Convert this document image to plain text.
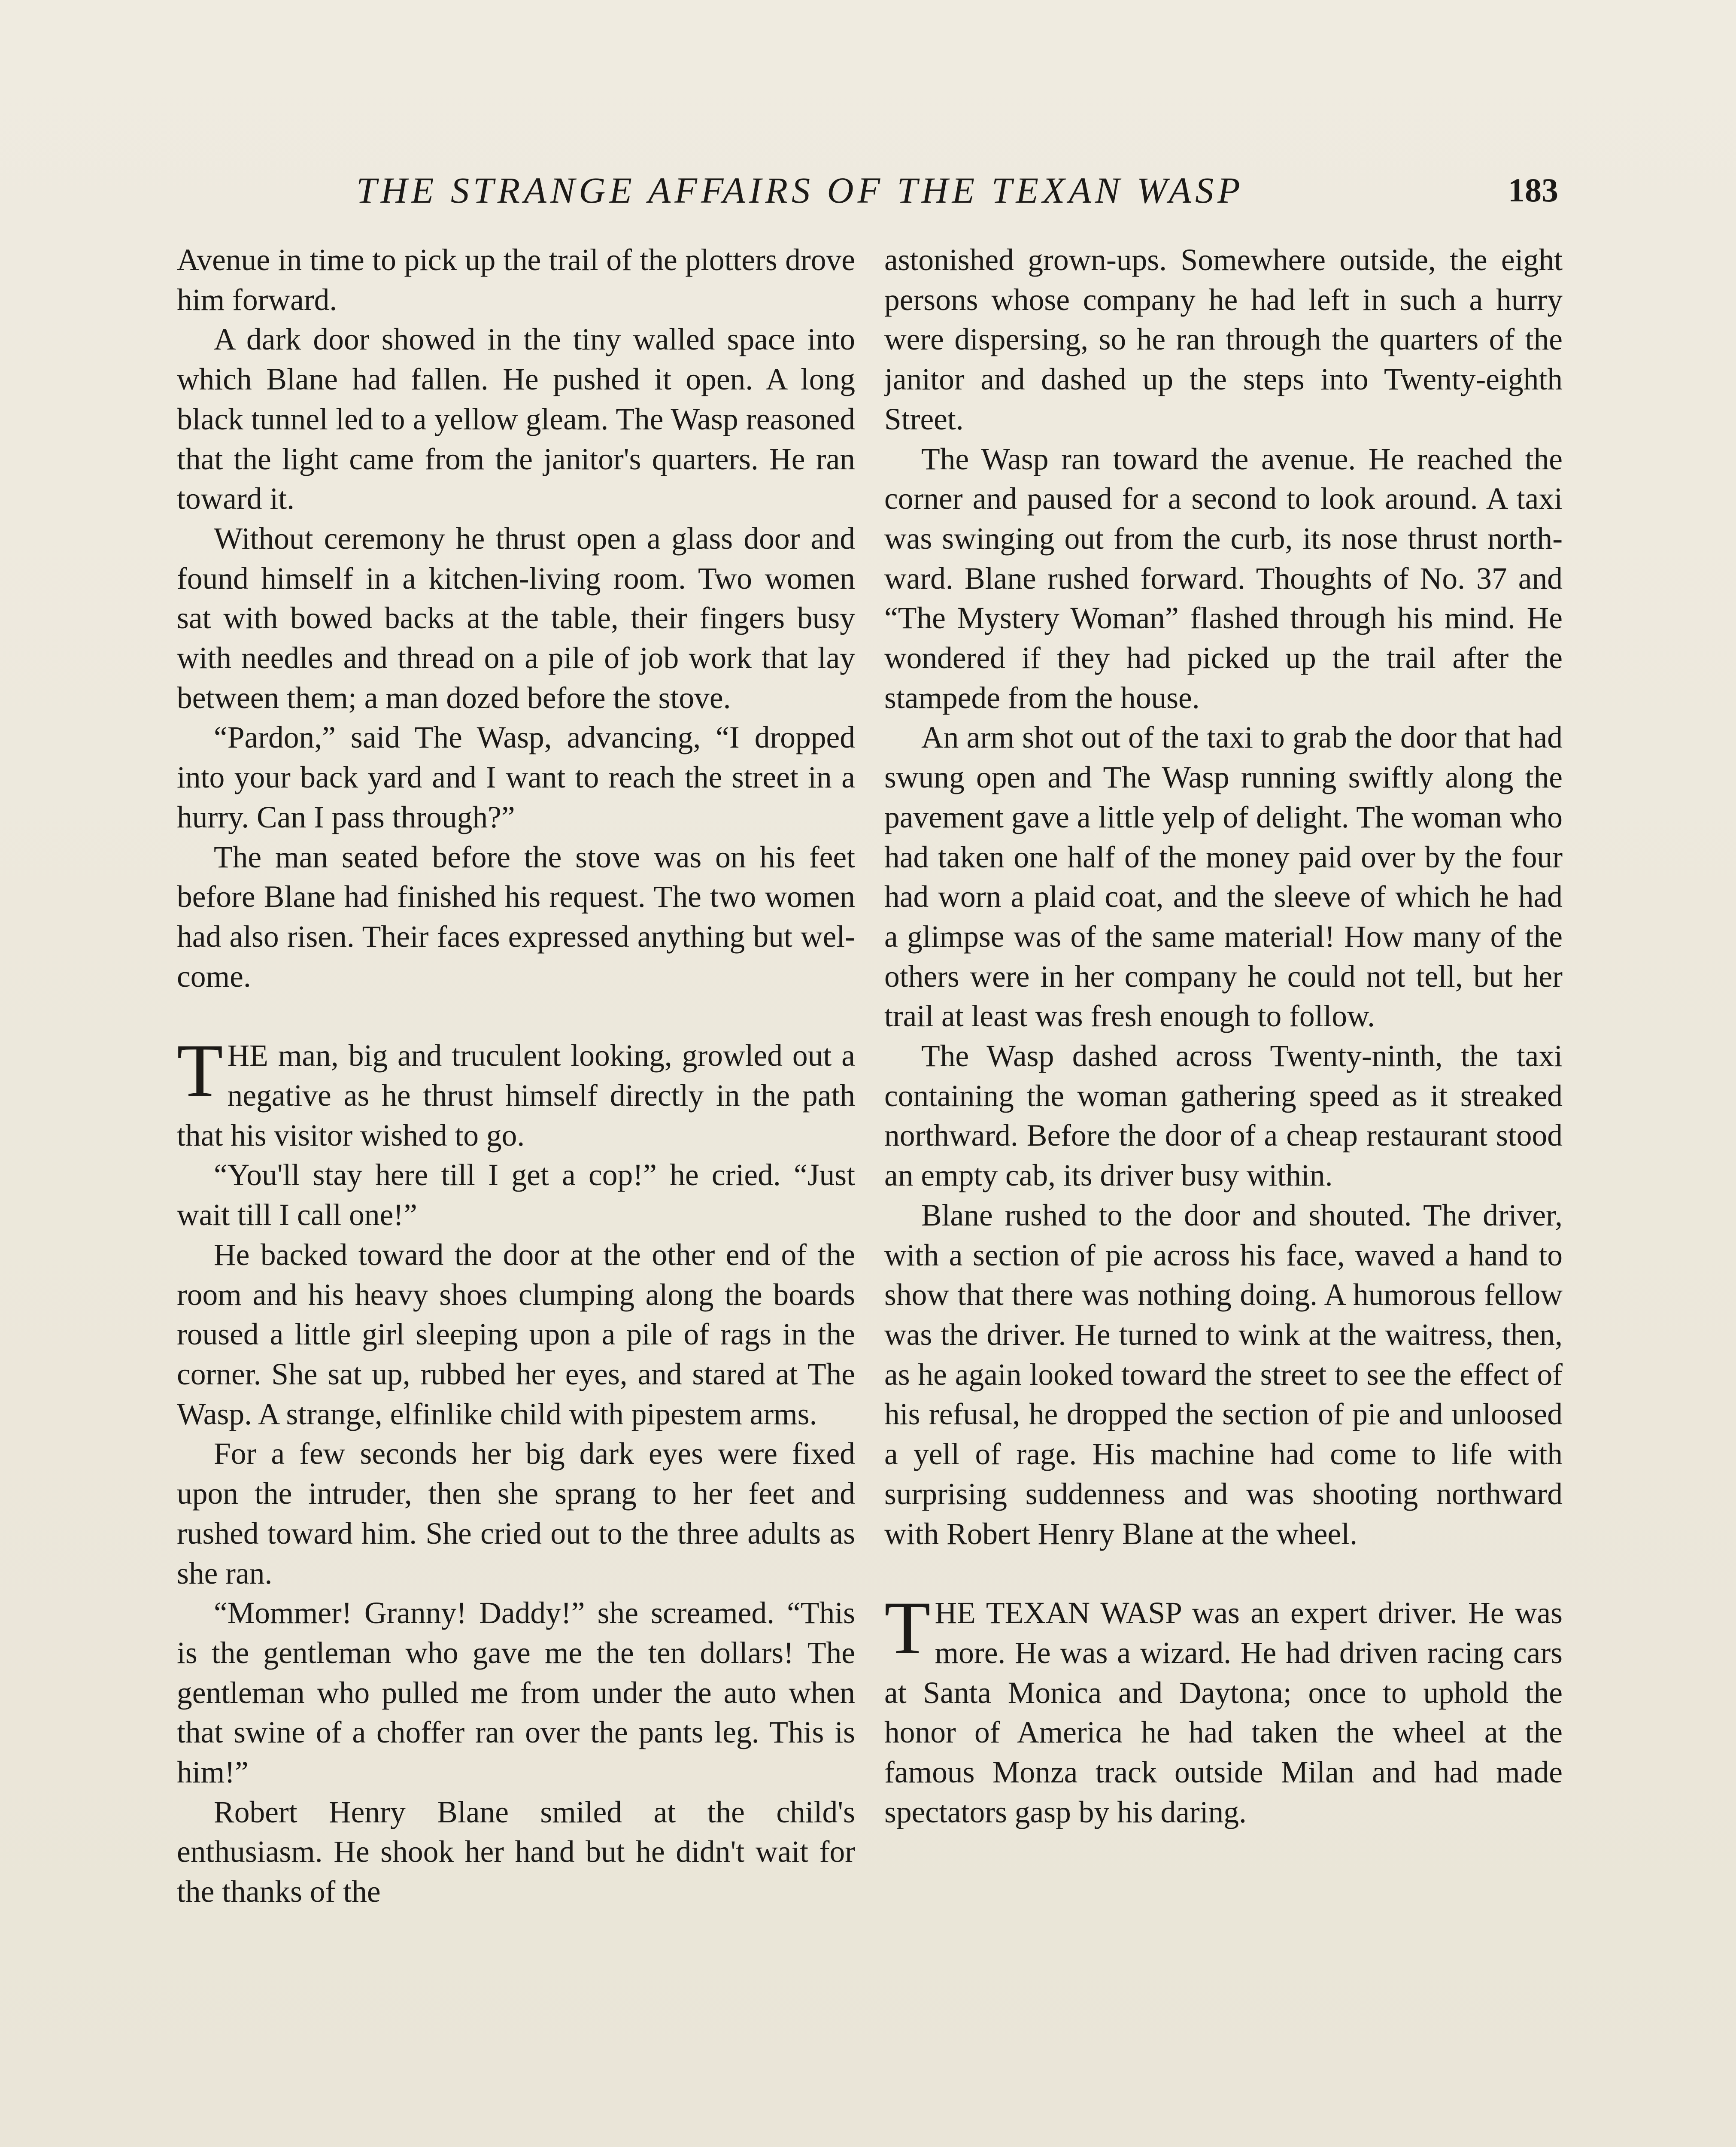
THE STRANGE AFFAIRS OF THE TEXAN WASP	183

Avenue in time to pick up the trail of the plotters drove him forward.

A dark door showed in the tiny walled space into which Blane had fallen. He pushed it open. A long black tunnel led to a yellow gleam. The Wasp reasoned that the light came from the janitor's quarters. He ran toward it.

Without ceremony he thrust open a glass door and found himself in a kitchen-living room. Two women sat with bowed backs at the table, their fingers busy with needles and thread on a pile of job work that lay between them; a man dozed before the stove.

“Pardon,” said The Wasp, advancing, “I dropped into your back yard and I want to reach the street in a hurry. Can I pass through?”

The man seated before the stove was on his feet before Blane had finished his request. The two women had also risen. Their faces expressed anything but welcome.

T HE man, big and truculent looking, growled out a negative as he thrust himself directly in the path that his visitor wished to go.

“You'll stay here till I get a cop!” he cried. “Just wait till I call one!”

He backed toward the door at the other end of the room and his heavy shoes clumping along the boards roused a little girl sleeping upon a pile of rags in the corner. She sat up, rubbed her eyes, and stared at The Wasp. A strange, elfinlike child with pipestem arms.

For a few seconds her big dark eyes were fixed upon the intruder, then she sprang to her feet and rushed toward him. She cried out to the three adults as she ran.

“Mommer! Granny! Daddy!” she screamed. “This is the gentleman who gave me the ten dollars! The gentleman who pulled me from under the auto when that swine of a choffer ran over the pants leg. This is him!”

Robert Henry Blane smiled at the child's enthusiasm. He shook her hand but he didn't wait for the thanks of the

astonished grown-ups. Somewhere outside, the eight persons whose company he had left in such a hurry were dispersing, so he ran through the quarters of the janitor and dashed up the steps into Twenty-eighth Street.

The Wasp ran toward the avenue. He reached the corner and paused for a second to look around. A taxi was swinging out from the curb, its nose thrust northward. Blane rushed forward. Thoughts of No. 37 and “The Mystery Woman” flashed through his mind. He wondered if they had picked up the trail after the stampede from the house.

An arm shot out of the taxi to grab the door that had swung open and The Wasp running swiftly along the pavement gave a little yelp of delight. The woman who had taken one half of the money paid over by the four had worn a plaid coat, and the sleeve of which he had a glimpse was of the same material! How many of the others were in her company he could not tell, but her trail at least was fresh enough to follow.

The Wasp dashed across Twenty-ninth, the taxi containing the woman gathering speed as it streaked northward. Before the door of a cheap restaurant stood an empty cab, its driver busy within.

Blane rushed to the door and shouted. The driver, with a section of pie across his face, waved a hand to show that there was nothing doing. A humorous fellow was the driver. He turned to wink at the waitress, then, as he again looked toward the street to see the effect of his refusal, he dropped the section of pie and unloosed a yell of rage. His machine had come to life with surprising suddenness and was shooting northward with Robert Henry Blane at the wheel.

T HE TEXAN WASP was an expert driver. He was more. He was a wizard. He had driven racing cars at Santa Monica and Daytona; once to uphold the honor of America he had taken the wheel at the famous Monza track outside Milan and had made spectators gasp by his daring.
